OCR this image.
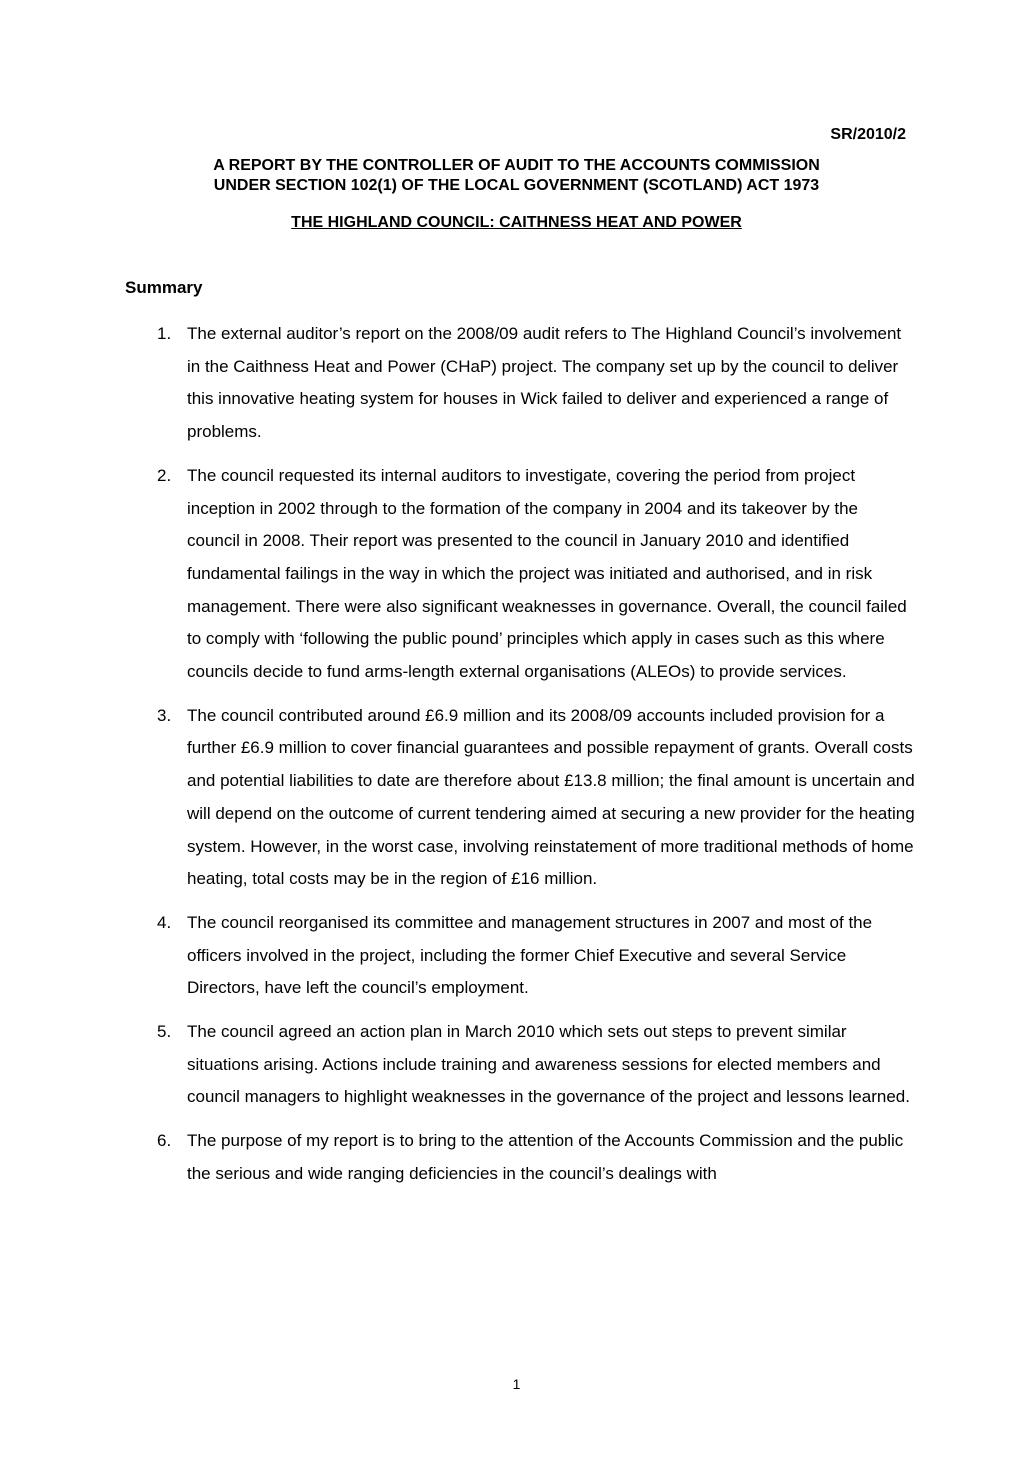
SR/2010/2
A REPORT BY THE CONTROLLER OF AUDIT TO THE ACCOUNTS COMMISSION
UNDER SECTION 102(1) OF THE LOCAL GOVERNMENT (SCOTLAND) ACT 1973
THE HIGHLAND COUNCIL: CAITHNESS HEAT AND POWER
Summary
1. The external auditor’s report on the 2008/09 audit refers to The Highland Council’s involvement in the Caithness Heat and Power (CHaP) project. The company set up by the council to deliver this innovative heating system for houses in Wick failed to deliver and experienced a range of problems.
2. The council requested its internal auditors to investigate, covering the period from project inception in 2002 through to the formation of the company in 2004 and its takeover by the council in 2008. Their report was presented to the council in January 2010 and identified fundamental failings in the way in which the project was initiated and authorised, and in risk management. There were also significant weaknesses in governance. Overall, the council failed to comply with ‘following the public pound’ principles which apply in cases such as this where councils decide to fund arms-length external organisations (ALEOs) to provide services.
3. The council contributed around £6.9 million and its 2008/09 accounts included provision for a further £6.9 million to cover financial guarantees and possible repayment of grants. Overall costs and potential liabilities to date are therefore about £13.8 million; the final amount is uncertain and will depend on the outcome of current tendering aimed at securing a new provider for the heating system. However, in the worst case, involving reinstatement of more traditional methods of home heating, total costs may be in the region of £16 million.
4. The council reorganised its committee and management structures in 2007 and most of the officers involved in the project, including the former Chief Executive and several Service Directors, have left the council’s employment.
5. The council agreed an action plan in March 2010 which sets out steps to prevent similar situations arising. Actions include training and awareness sessions for elected members and council managers to highlight weaknesses in the governance of the project and lessons learned.
6. The purpose of my report is to bring to the attention of the Accounts Commission and the public the serious and wide ranging deficiencies in the council’s dealings with
1
